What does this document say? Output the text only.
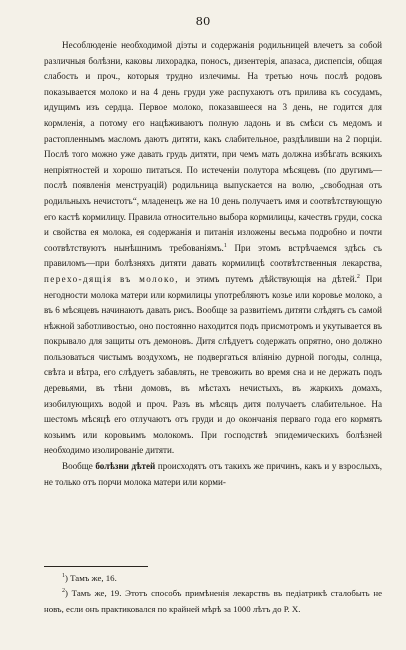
80

Несоблюденіе необходимой діэты и содержанія родильницей влечетъ за собой различныя болѣзни, каковы лихорадка, поносъ, дизентерія, апазаса, диспепсія, общая слабость и проч., которыя трудно излечимы. На третью ночь послѣ родовъ показывается молоко и на 4 день груди уже распухаютъ отъ прилива къ сосудамъ, идущимъ изъ сердца. Первое молоко, показавшееся на 3 день, не годится для кормленія, а потому его нацѣживаютъ полную ладонь и въ смѣси съ медомъ и растопленнымъ масломъ даютъ дитяти, какъ слабительное, раздѣливши на 2 порціи. Послѣ того можно уже давать грудь дитяти, при чемъ мать должна избѣгать всякихъ непріятностей и хорошо питаться. По истеченіи полутора мѣсяцевъ (по другимъ—послѣ появленія менструацій) родильница выпускается на волю, „свободная отъ родильныхъ нечистотъ“, младенецъ же на 10 день получаетъ имя и соотвѣтствующую его кастѣ кормилицу. Правила относительно выбора кормилицы, качествъ груди, соска и свойства ея молока, ея содержанія и питанія изложены весьма подробно и почти соотвѣтствуютъ нынѣшнимъ требованіямъ.$^1$ При этомъ встрѣчаемся здѣсь съ правиломъ—при болѣзняхъ дитяти давать кормилицѣ соотвѣтственныя лекарства, перехо-дящія въ молоко, и этимъ путемъ дѣйствующія на дѣтей.$^2$ При негодности молока матери или кормилицы употребляютъ козье или коровье молоко, а въ 6 мѣсяцевъ начинаютъ давать рисъ. Вообще за развитіемъ дитяти слѣдятъ съ самой нѣжной заботливостью, оно постоянно находится подъ присмотромъ и укутывается въ покрывало для защиты отъ демоновъ. Дитя слѣдуетъ содержать опрятно, оно должно пользоваться чистымъ воздухомъ, не подвергаться вліянію дурной погоды, солнца, свѣта и вѣтра, его слѣдуетъ забавлять, не тревожить во время сна и не держать подъ деревьями, въ тѣни домовъ, въ мѣстахъ нечистыхъ, въ жаркихъ домахъ, изобилующихъ водой и проч. Разъ въ мѣсяцъ дитя получаетъ слабительное. На шестомъ мѣсяцѣ его отлучаютъ отъ груди и до окончанія перваго года его кормятъ козьимъ или коровьимъ молокомъ. При господствѣ эпидемическихъ болѣзней необходимо изолированіе дитяти.

Вообще болѣзни дѣтей происходятъ отъ такихъ же причинъ, какъ и у взрослыхъ, не только отъ порчи молока матери или корми-

$^1$) Тамъ же, 16.

$^2$) Тамъ же, 19. Этотъ способъ примѣненія лекарствъ въ педіатрикѣ сталобыть не новъ, если онъ практиковался по крайней мѣрѣ за 1000 лѣтъ до Р. Х.
